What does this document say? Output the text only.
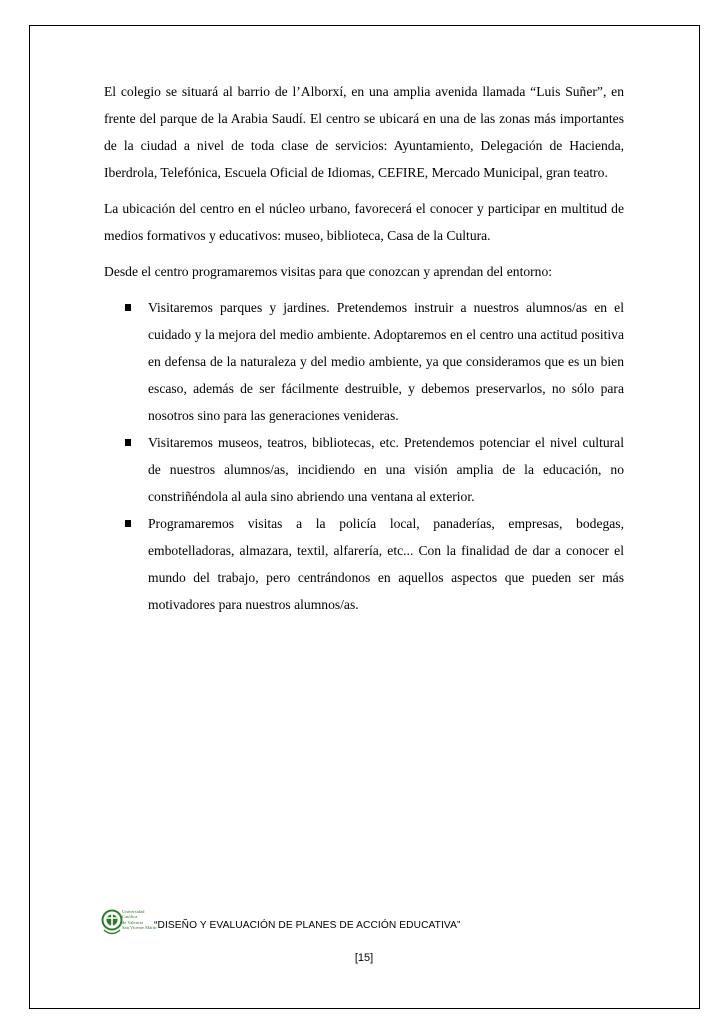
El colegio se situará al barrio de l’Alborxí, en una amplia avenida llamada “Luis Suñer”, en frente del parque de la Arabia Saudí. El centro se ubicará en una de las zonas más importantes de la ciudad a nivel de toda clase de servicios: Ayuntamiento, Delegación de Hacienda, Iberdrola, Telefónica, Escuela Oficial de Idiomas, CEFIRE, Mercado Municipal, gran teatro.

La ubicación del centro en el núcleo urbano, favorecerá el conocer y participar en multitud de medios formativos y educativos: museo, biblioteca, Casa de la Cultura.

Desde el centro programaremos visitas para que conozcan y aprendan del entorno:

Visitaremos parques y jardines. Pretendemos instruir a nuestros alumnos/as en el cuidado y la mejora del medio ambiente. Adoptaremos en el centro una actitud positiva en defensa de la naturaleza y del medio ambiente, ya que consideramos que es un bien escaso, además de ser fácilmente destruible, y debemos preservarlos, no sólo para nosotros sino para las generaciones venideras.
Visitaremos museos, teatros, bibliotecas, etc. Pretendemos potenciar el nivel cultural de nuestros alumnos/as, incidiendo en una visión amplia de la educación, no constriñéndola al aula sino abriendo una ventana al exterior.
Programaremos visitas a la policía local, panaderías, empresas, bodegas, embotelladoras, almazara, textil, alfarería, etc... Con la finalidad de dar a conocer el mundo del trabajo, pero centrándonos en aquellos aspectos que pueden ser más motivadores para nuestros alumnos/as.
Universidad
Católica
de Valencia
San Vicente Mártir
“DISEÑO Y EVALUACIÓN DE PLANES DE ACCIÓN EDUCATIVA”
[15]
